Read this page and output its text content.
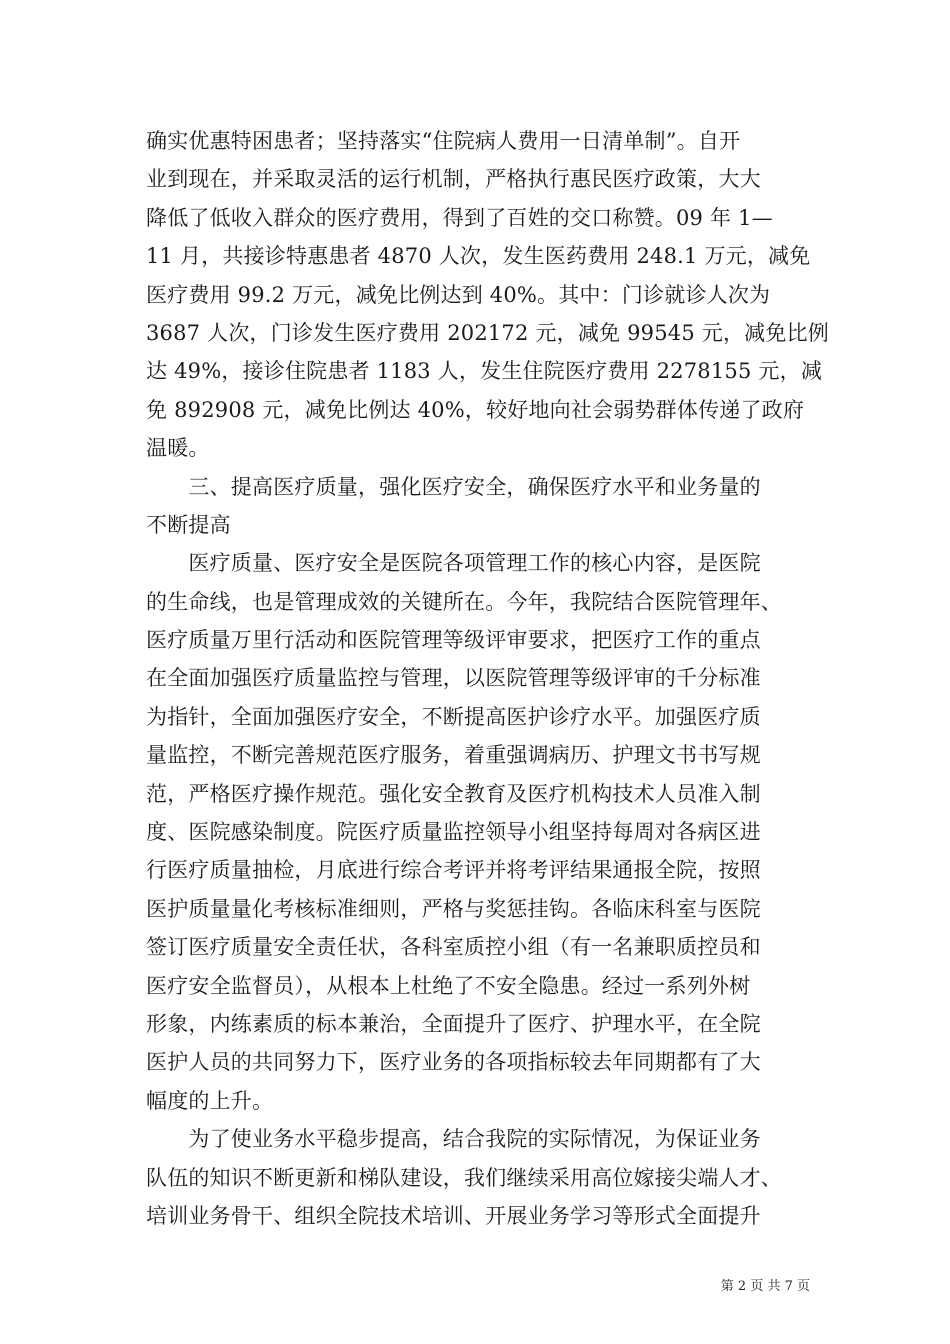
确实优惠特困患者；坚持落实“住院病人费用一日清单制”。自开
业到现在，并采取灵活的运行机制，严格执行惠民医疗政策，大大
降低了低收入群众的医疗费用，得到了百姓的交口称赞。09 年 1—
11 月，共接诊特惠患者 4870 人次，发生医药费用 248.1 万元，减免
医疗费用 99.2 万元，减免比例达到 40%。其中：门诊就诊人次为
3687 人次，门诊发生医疗费用 202172 元，减免 99545 元，减免比例
达 49%，接诊住院患者 1183 人，发生住院医疗费用 2278155 元，减
免 892908 元，减免比例达 40%，较好地向社会弱势群体传递了政府
温暖。
　　三、提高医疗质量，强化医疗安全，确保医疗水平和业务量的
不断提高
　　医疗质量、医疗安全是医院各项管理工作的核心内容，是医院
的生命线，也是管理成效的关键所在。今年，我院结合医院管理年、
医疗质量万里行活动和医院管理等级评审要求，把医疗工作的重点
在全面加强医疗质量监控与管理，以医院管理等级评审的千分标准
为指针，全面加强医疗安全，不断提高医护诊疗水平。加强医疗质
量监控，不断完善规范医疗服务，着重强调病历、护理文书书写规
范，严格医疗操作规范。强化安全教育及医疗机构技术人员准入制
度、医院感染制度。院医疗质量监控领导小组坚持每周对各病区进
行医疗质量抽检，月底进行综合考评并将考评结果通报全院，按照
医护质量量化考核标准细则，严格与奖惩挂钩。各临床科室与医院
签订医疗质量安全责任状，各科室质控小组（有一名兼职质控员和
医疗安全监督员），从根本上杜绝了不安全隐患。经过一系列外树
形象，内练素质的标本兼治，全面提升了医疗、护理水平，在全院
医护人员的共同努力下，医疗业务的各项指标较去年同期都有了大
幅度的上升。
　　为了使业务水平稳步提高，结合我院的实际情况，为保证业务
队伍的知识不断更新和梯队建设，我们继续采用高位嫁接尖端人才、
培训业务骨干、组织全院技术培训、开展业务学习等形式全面提升
第 2 页 共 7 页
